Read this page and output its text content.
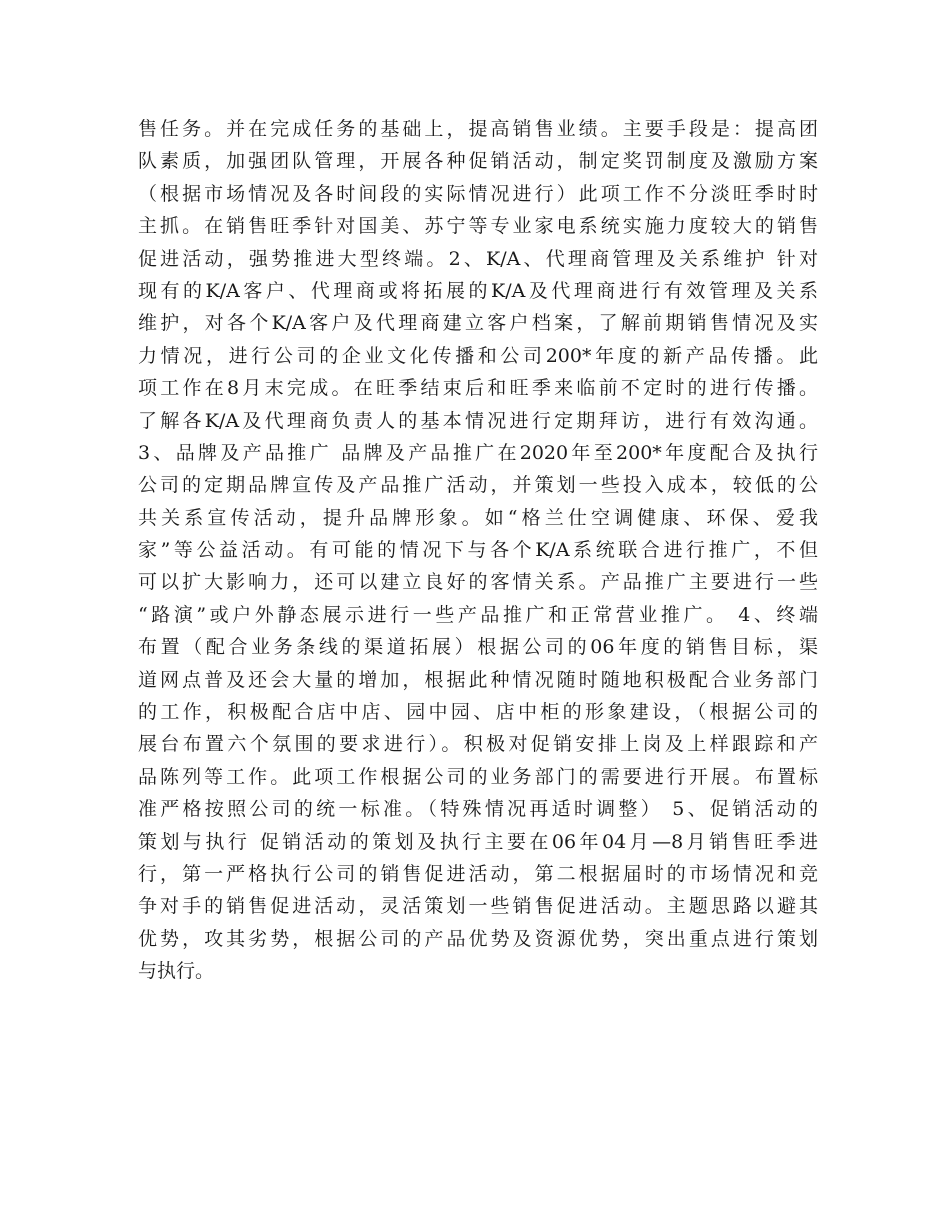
售任务。并在完成任务的基础上，提高销售业绩。主要手段是：提高团
队素质，加强团队管理，开展各种促销活动，制定奖罚制度及激励方案
（根据市场情况及各时间段的实际情况进行）此项工作不分淡旺季时时
主抓。在销售旺季针对国美、苏宁等专业家电系统实施力度较大的销售
促进活动，强势推进大型终端。2、K/A、代理商管理及关系维护 针对
现有的K/A客户、代理商或将拓展的K/A及代理商进行有效管理及关系
维护，对各个K/A客户及代理商建立客户档案，了解前期销售情况及实
力情况，进行公司的企业文化传播和公司200*年度的新产品传播。此
项工作在8月末完成。在旺季结束后和旺季来临前不定时的进行传播。
了解各K/A及代理商负责人的基本情况进行定期拜访，进行有效沟通。
3、品牌及产品推广 品牌及产品推广在2020年至200*年度配合及执行
公司的定期品牌宣传及产品推广活动，并策划一些投入成本，较低的公
共关系宣传活动，提升品牌形象。如“格兰仕空调健康、环保、爱我
家”等公益活动。有可能的情况下与各个K/A系统联合进行推广，不但
可以扩大影响力，还可以建立良好的客情关系。产品推广主要进行一些
“路演”或户外静态展示进行一些产品推广和正常营业推广。 4、终端
布置（配合业务条线的渠道拓展）根据公司的06年度的销售目标，渠
道网点普及还会大量的增加，根据此种情况随时随地积极配合业务部门
的工作，积极配合店中店、园中园、店中柜的形象建设，（根据公司的
展台布置六个氛围的要求进行）。积极对促销安排上岗及上样跟踪和产
品陈列等工作。此项工作根据公司的业务部门的需要进行开展。布置标
准严格按照公司的统一标准。（特殊情况再适时调整） 5、促销活动的
策划与执行 促销活动的策划及执行主要在06年04月—8月销售旺季进
行，第一严格执行公司的销售促进活动，第二根据届时的市场情况和竞
争对手的销售促进活动，灵活策划一些销售促进活动。主题思路以避其
优势，攻其劣势，根据公司的产品优势及资源优势，突出重点进行策划
与执行。
